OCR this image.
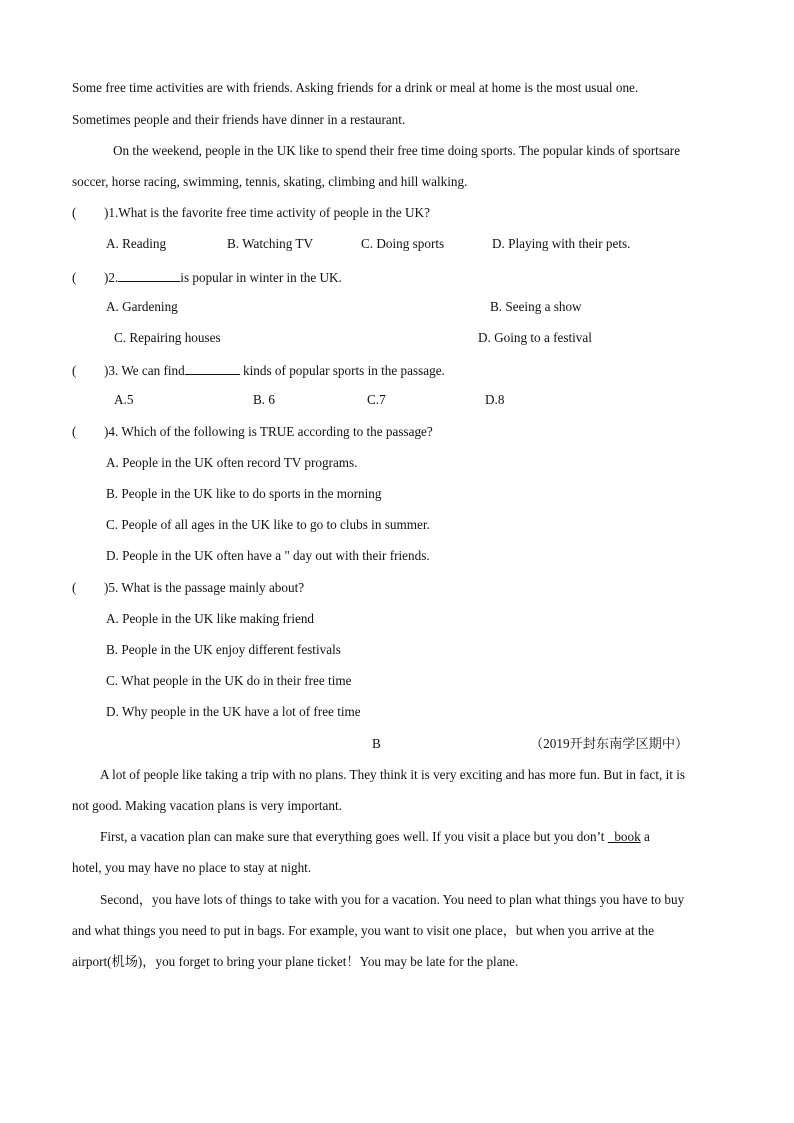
Some free time activities are with friends. Asking friends for a drink or meal at home is the most usual one.
Sometimes people and their friends have dinner in a restaurant.
On the weekend, people in the UK like to spend their free time doing sports. The popular kinds of sportsare
soccer, horse racing, swimming, tennis, skating, climbing and hill walking.
( )1.What is the favorite free time activity of people in the UK?
A. Reading	B. Watching TV	C. Doing sports	D. Playing with their pets.
( )2.	is popular in winter in the UK.
A. Gardening	B. Seeing a show
C. Repairing houses	D. Going to a festival
( )3. We can find	kinds of popular sports in the passage.
A.5	B. 6	C.7	D.8
( )4. Which of the following is TRUE according to the passage?
A. People in the UK often record TV programs.
B. People in the UK like to do sports in the morning
C. People of all ages in the UK like to go to clubs in summer.
D. People in the UK often have a " day out with their friends.
( )5. What is the passage mainly about?
A. People in the UK like making friend
B. People in the UK enjoy different festivals
C. What people in the UK do in their free time
D. Why people in the UK have a lot of free time
B	（2019开封东南学区期中）
A lot of people like taking a trip with no plans. They think it is very exciting and has more fun. But in fact, it is
not good. Making vacation plans is very important.
First, a vacation plan can make sure that everything goes well. If you visit a place but you don’t   book a
hotel, you may have no place to stay at night.
Second，you have lots of things to take with you for a vacation. You need to plan what things you have to buy
and what things you need to put in bags. For example, you want to visit one place，but when you arrive at the
airport(机场)，you forget to bring your plane ticket！You may be late for the plane.
